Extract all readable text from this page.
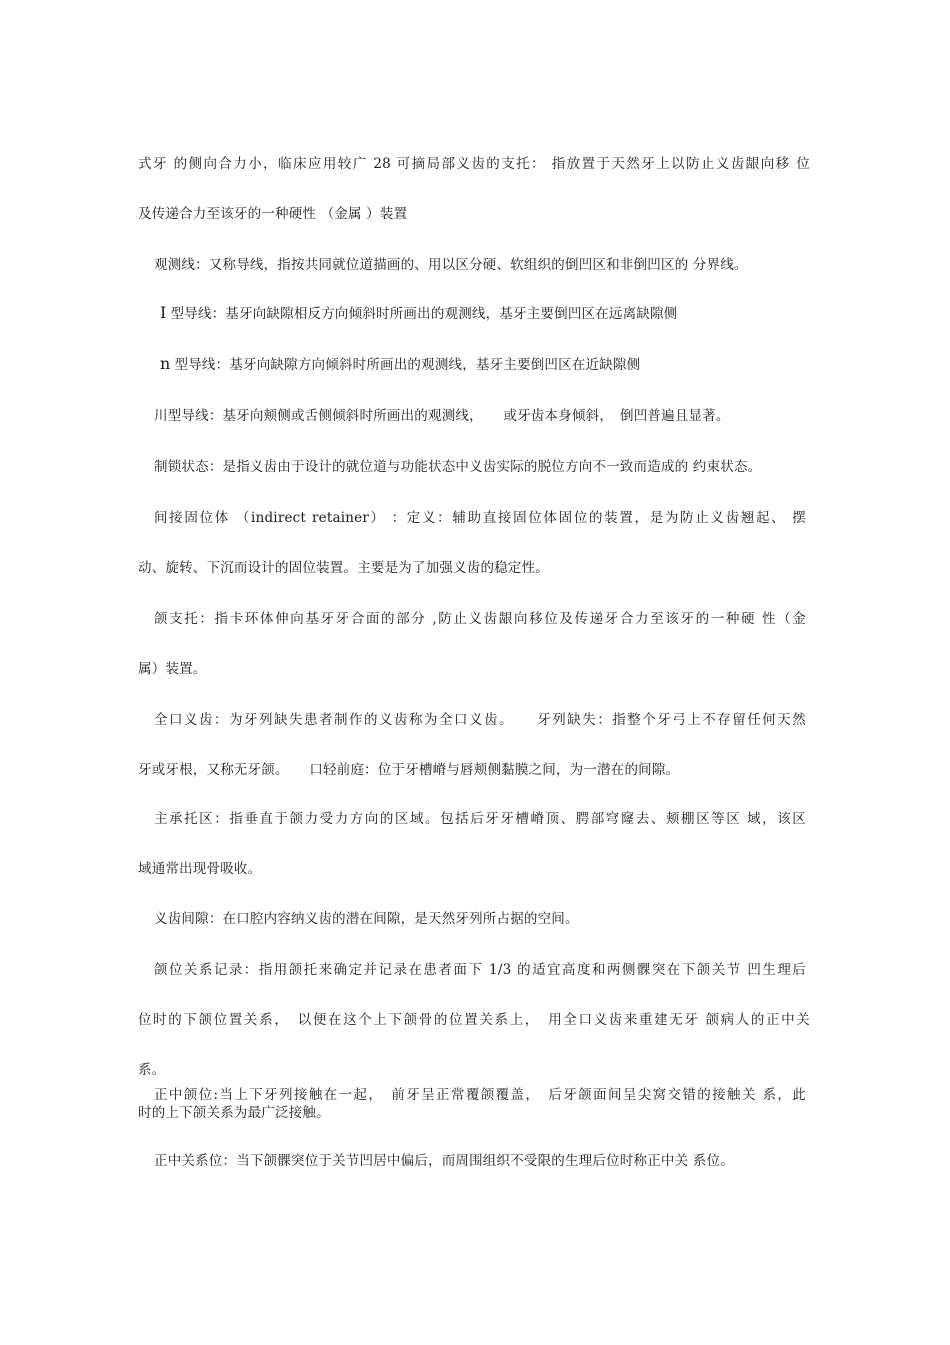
式牙 的侧向合力小，临床应用较广 28 可摘局部义齿的支托： 指放置于天然牙上以防止义齿龈向移 位
及传递合力至该牙的一种硬性 （金属 ）装置
观测线：又称导线，指按共同就位道描画的、用以区分硬、软组织的倒凹区和非倒凹区的 分界线。
I 型导线：基牙向缺隙相反方向倾斜时所画出的观测线，基牙主要倒凹区在远离缺隙侧
n 型导线：基牙向缺隙方向倾斜时所画出的观测线，基牙主要倒凹区在近缺隙侧
川型导线：基牙向颊侧或舌侧倾斜时所画出的观测线，　　或牙齿本身倾斜，　倒凹普遍且显著。
制锁状态：是指义齿由于设计的就位道与功能状态中义齿实际的脱位方向不一致而造成的 约束状态。
间接固位体 （indirect retainer） ：定义：辅助直接固位体固位的装置，是为防止义齿翘起、 摆
动、旋转、下沉而设计的固位装置。主要是为了加强义齿的稳定性。
颌支托：指卡环体伸向基牙牙合面的部分 ,防止义齿龈向移位及传递牙合力至该牙的一种硬 性（金
属）装置。
全口义齿：为牙列缺失患者制作的义齿称为全口义齿。　　牙列缺失：指整个牙弓上不存留任何天然
牙或牙根，又称无牙颌。　　口轻前庭：位于牙槽嵴与唇颊侧黏膜之间，为一潜在的间隙。
主承托区：指垂直于颌力受力方向的区域。包括后牙牙槽嵴顶、腭部穹窿去、颊棚区等区 域，该区
域通常出现骨吸收。
义齿间隙：在口腔内容纳义齿的潜在间隙，是天然牙列所占据的空间。
颌位关系记录：指用颌托来确定并记录在患者面下 1/3 的适宜高度和两侧髁突在下颌关节 凹生理后
位时的下颌位置关系，　以便在这个上下颌骨的位置关系上，　用全口义齿来重建无牙 颌病人的正中关
系。
正中颌位:当上下牙列接触在一起，　前牙呈正常覆颌覆盖，　后牙颌面间呈尖窝交错的接触关 系，此
时的上下颌关系为最广泛接触。
正中关系位：当下颌髁突位于关节凹居中偏后，而周围组织不受限的生理后位时称正中关 系位。
